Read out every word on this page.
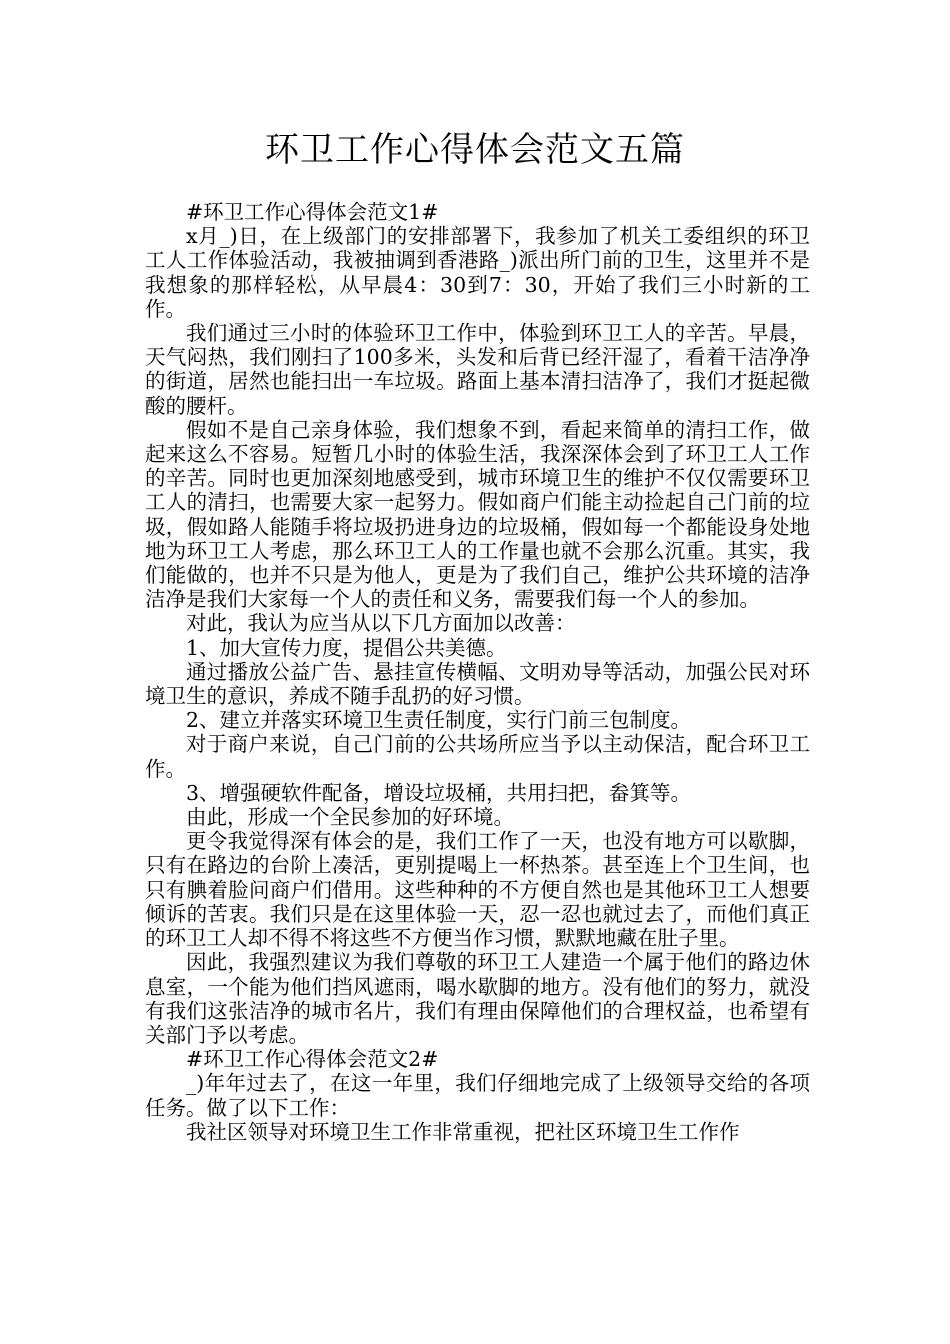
环卫工作心得体会范文五篇

#环卫工作心得体会范文1#

x月_)日，在上级部门的安排部署下，我参加了机关工委组织的环卫工人工作体验活动，我被抽调到香港路_)派出所门前的卫生，这里并不是我想象的那样轻松，从早晨4：30到7：30，开始了我们三小时新的工作。

我们通过三小时的体验环卫工作中，体验到环卫工人的辛苦。早晨，天气闷热，我们刚扫了100多米，头发和后背已经汗湿了，看着干洁净净的街道，居然也能扫出一车垃圾。路面上基本清扫洁净了，我们才挺起微酸的腰杆。

假如不是自己亲身体验，我们想象不到，看起来简单的清扫工作，做起来这么不容易。短暂几小时的体验生活，我深深体会到了环卫工人工作的辛苦。同时也更加深刻地感受到，城市环境卫生的维护不仅仅需要环卫工人的清扫，也需要大家一起努力。假如商户们能主动捡起自己门前的垃圾，假如路人能随手将垃圾扔进身边的垃圾桶，假如每一个都能设身处地地为环卫工人考虑，那么环卫工人的工作量也就不会那么沉重。其实，我们能做的，也并不只是为他人，更是为了我们自己，维护公共环境的洁净洁净是我们大家每一个人的责任和义务，需要我们每一个人的参加。

对此，我认为应当从以下几方面加以改善：

1、加大宣传力度，提倡公共美德。

通过播放公益广告、悬挂宣传横幅、文明劝导等活动，加强公民对环境卫生的意识，养成不随手乱扔的好习惯。

2、建立并落实环境卫生责任制度，实行门前三包制度。

对于商户来说，自己门前的公共场所应当予以主动保洁，配合环卫工作。

3、增强硬软件配备，增设垃圾桶，共用扫把，畚箕等。

由此，形成一个全民参加的好环境。

更令我觉得深有体会的是，我们工作了一天，也没有地方可以歇脚，只有在路边的台阶上凑活，更别提喝上一杯热茶。甚至连上个卫生间，也只有腆着脸问商户们借用。这些种种的不方便自然也是其他环卫工人想要倾诉的苦衷。我们只是在这里体验一天，忍一忍也就过去了，而他们真正的环卫工人却不得不将这些不方便当作习惯，默默地藏在肚子里。

因此，我强烈建议为我们尊敬的环卫工人建造一个属于他们的路边休息室，一个能为他们挡风遮雨，喝水歇脚的地方。没有他们的努力，就没有我们这张洁净的城市名片，我们有理由保障他们的合理权益，也希望有关部门予以考虑。

#环卫工作心得体会范文2#

_)年年过去了，在这一年里，我们仔细地完成了上级领导交给的各项任务。做了以下工作：

我社区领导对环境卫生工作非常重视，把社区环境卫生工作作
